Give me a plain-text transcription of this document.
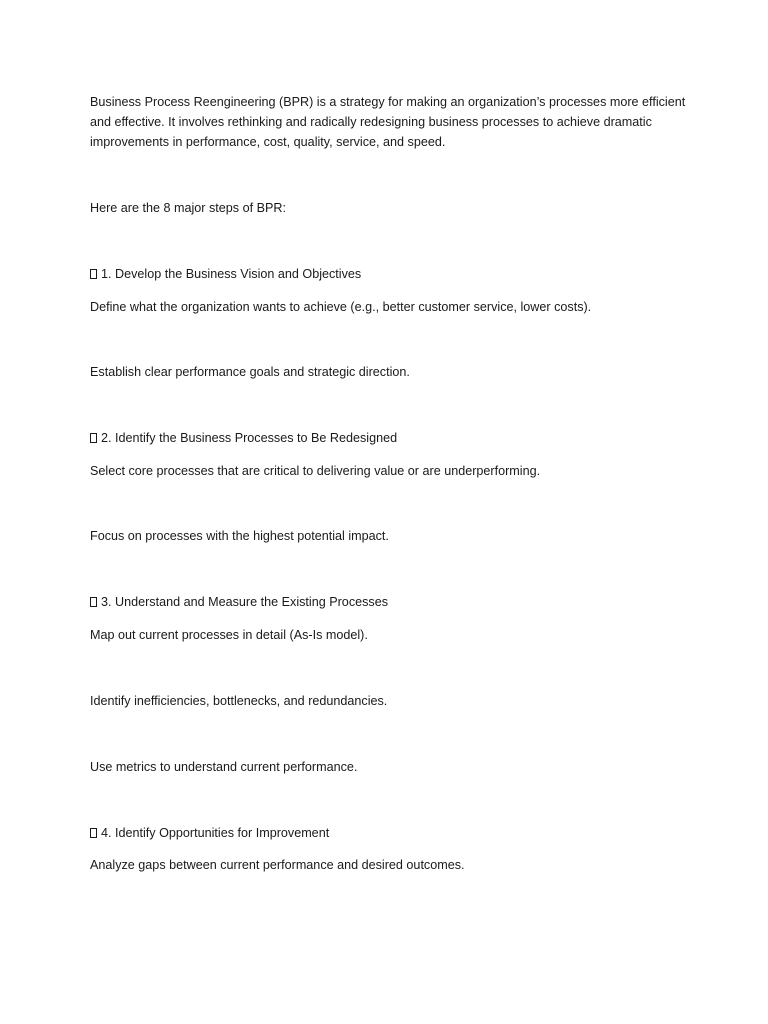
Business Process Reengineering (BPR) is a strategy for making an organization’s processes more efficient

and effective. It involves rethinking and radically redesigning business processes to achieve dramatic

improvements in performance, cost, quality, service, and speed.

Here are the 8 major steps of BPR:

1. Develop the Business Vision and Objectives

Define what the organization wants to achieve (e.g., better customer service, lower costs).

Establish clear performance goals and strategic direction.

2. Identify the Business Processes to Be Redesigned

Select core processes that are critical to delivering value or are underperforming.

Focus on processes with the highest potential impact.

3. Understand and Measure the Existing Processes

Map out current processes in detail (As-Is model).

Identify inefficiencies, bottlenecks, and redundancies.

Use metrics to understand current performance.

4. Identify Opportunities for Improvement

Analyze gaps between current performance and desired outcomes.
